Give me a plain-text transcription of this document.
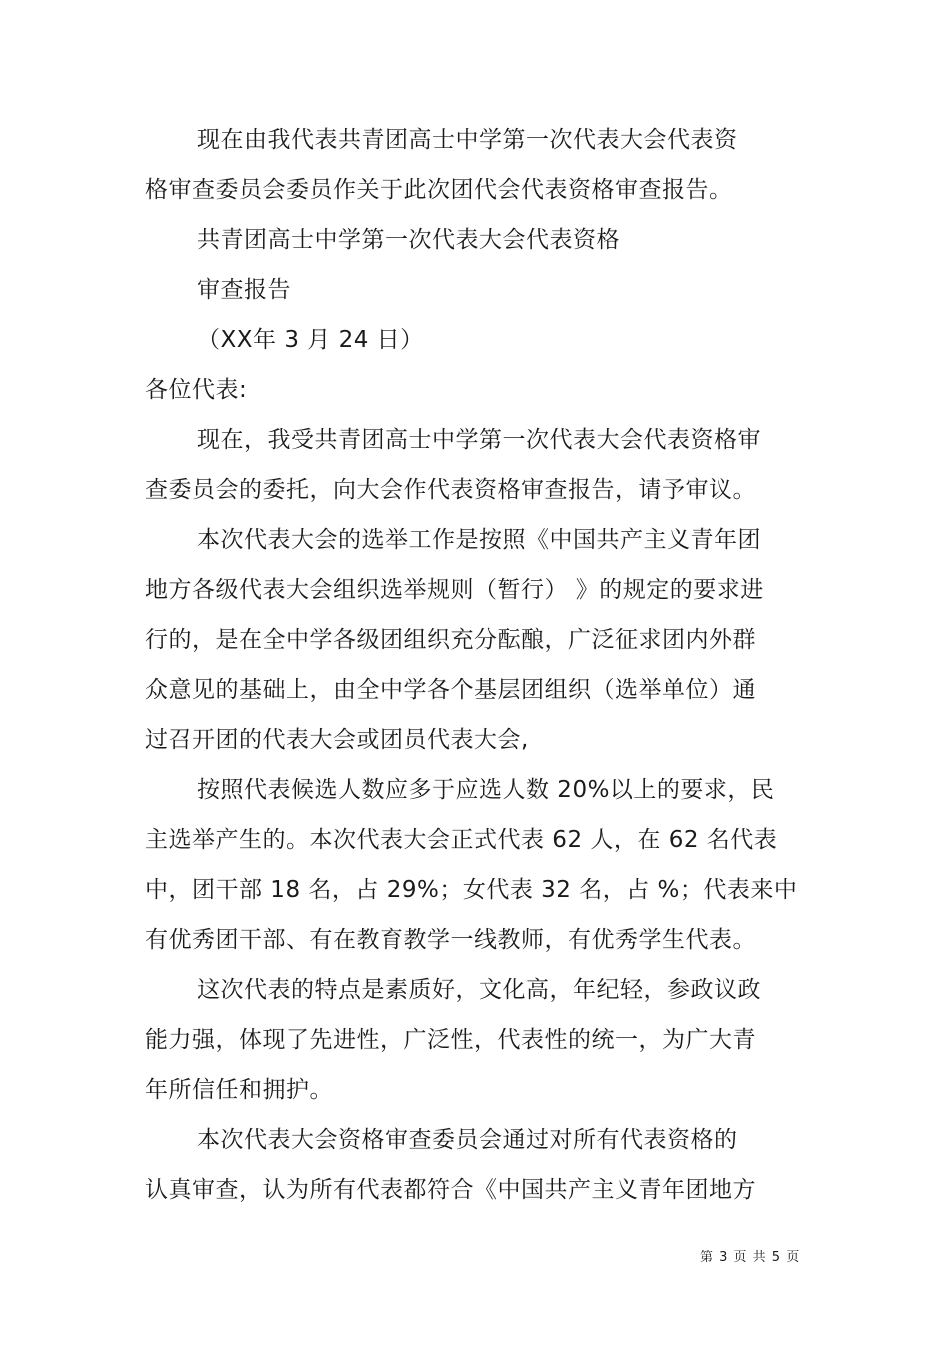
现在由我代表共青团高士中学第一次代表大会代表资
格审查委员会委员作关于此次团代会代表资格审查报告。
共青团高士中学第一次代表大会代表资格
审查报告
（XX年 3 月 24 日）
各位代表:
现在，我受共青团高士中学第一次代表大会代表资格审
查委员会的委托，向大会作代表资格审查报告，请予审议。
本次代表大会的选举工作是按照《中国共产主义青年团
地方各级代表大会组织选举规则（暂行） 》的规定的要求进
行的，是在全中学各级团组织充分酝酿，广泛征求团内外群
众意见的基础上，由全中学各个基层团组织（选举单位）通
过召开团的代表大会或团员代表大会,
按照代表候选人数应多于应选人数 20%以上的要求，民
主选举产生的。本次代表大会正式代表 62 人，在 62 名代表
中，团干部 18 名，占 29%；女代表 32 名，占 %；代表来中
有优秀团干部、有在教育教学一线教师，有优秀学生代表。
这次代表的特点是素质好，文化高，年纪轻，参政议政
能力强，体现了先进性，广泛性，代表性的统一，为广大青
年所信任和拥护。
本次代表大会资格审查委员会通过对所有代表资格的
认真审查，认为所有代表都符合《中国共产主义青年团地方
第 3 页 共 5 页
